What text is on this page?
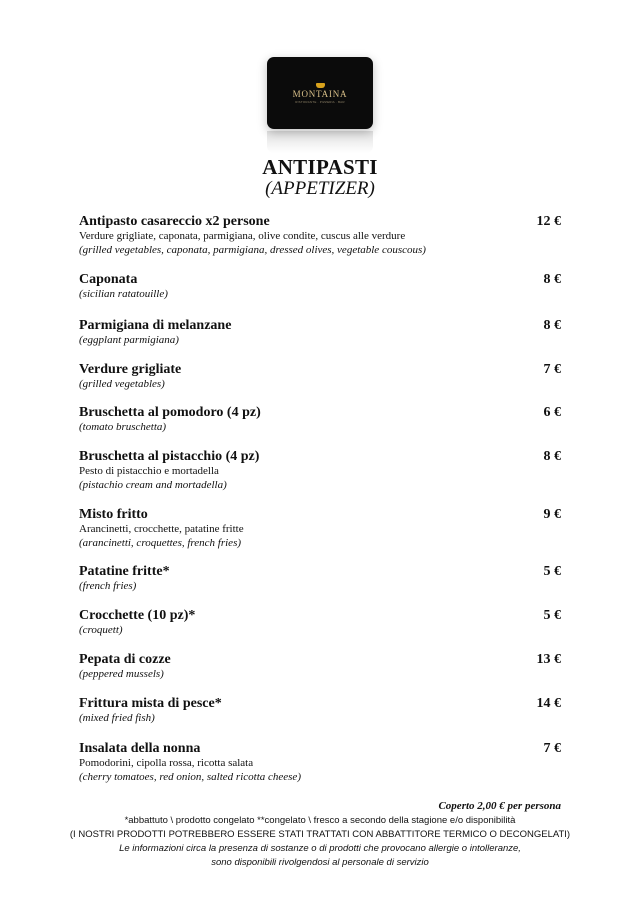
MONTAINA
RISTORANTE · PIZZERIA · BAR
ANTIPASTI
(APPETIZER)
Antipasto casareccio x2 persone
Verdure grigliate, caponata, parmigiana, olive condite, cuscus alle verdure
(grilled vegetables, caponata, parmigiana, dressed olives, vegetable couscous)
12 €
Caponata
(sicilian ratatouille)
8 €
Parmigiana di melanzane
(eggplant parmigiana)
8 €
Verdure grigliate
(grilled vegetables)
7 €
Bruschetta al pomodoro (4 pz)
(tomato bruschetta)
6 €
Bruschetta al pistacchio (4 pz)
Pesto di pistacchio e mortadella
(pistachio cream and mortadella)
8 €
Misto fritto
Arancinetti, crocchette, patatine fritte
(arancinetti, croquettes, french fries)
9 €
Patatine fritte*
(french fries)
5 €
Crocchette (10 pz)*
(croquett)
5 €
Pepata di cozze
(peppered mussels)
13 €
Frittura mista di pesce*
(mixed fried fish)
14 €
Insalata della nonna
Pomodorini, cipolla rossa, ricotta salata
(cherry tomatoes, red onion, salted ricotta cheese)
7 €
Coperto 2,00 € per persona
*abbattuto \ prodotto congelato **congelato \ fresco a secondo della stagione e/o disponibilità
(I NOSTRI PRODOTTI POTREBBERO ESSERE STATI TRATTATI CON ABBATTITORE TERMICO O DECONGELATI)
Le informazioni circa la presenza di sostanze o di prodotti che provocano allergie o intolleranze,
sono disponibili rivolgendosi al personale di servizio
